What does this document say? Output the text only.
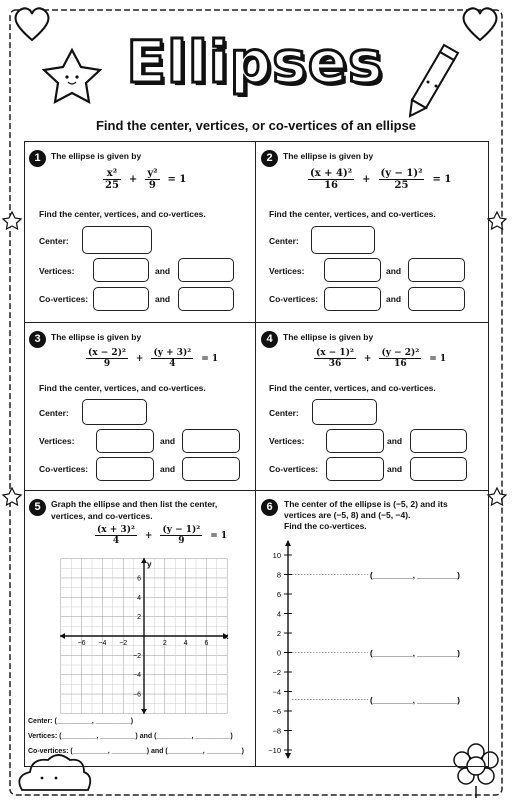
Ellipses
Find the center, vertices, or co-vertices of an ellipse
1	The ellipse is given by
$\frac{\text{x²}}{25} + \frac{\text{y²}}{9} = 1$
Find the center, vertices, and co-vertices.
Center:
Vertices:	and
Co-vertices:	and
2	The ellipse is given by
$\frac{\text{(x + 4)²}}{16} + \frac{\text{(y − 1)²}}{25} = 1$
Find the center, vertices, and co-vertices.
Center:
Vertices:	and
Co-vertices:	and
3	The ellipse is given by
$\frac{\text{(x − 2)²}}{9} + \frac{\text{(y + 3)²}}{4} = 1$
Find the center, vertices, and co-vertices.
Center:
Vertices:	and
Co-vertices:	and
4	The ellipse is given by
$\frac{\text{(x − 1)²}}{36} + \frac{\text{(y − 2)²}}{16} = 1$
Find the center, vertices, and co-vertices.
Center:
Vertices:	and
Co-vertices:	and
5	Graph the ellipse and then list the center,
vertices, and co-vertices.
$\frac{\text{(x + 3)²}}{4} + \frac{\text{(y − 1)²}}{9} = 1$
−6 −4 −2	2 4 6
6
4
2
−2
−4
−6
x
y
Center: (_________, _________)
Vertices: (_________, _________) and (_________, _________)
Co-vertices: (_________, _________) and (_________, _________)
6	The center of the ellipse is (−5, 2) and its
vertices are (−5, 8) and (−5, −4).
Find the co-vertices.
10
8
6
4
2
0
−2
−4
−6
−8
−10
(_________, _________)
(_________, _________)
(_________, _________)
